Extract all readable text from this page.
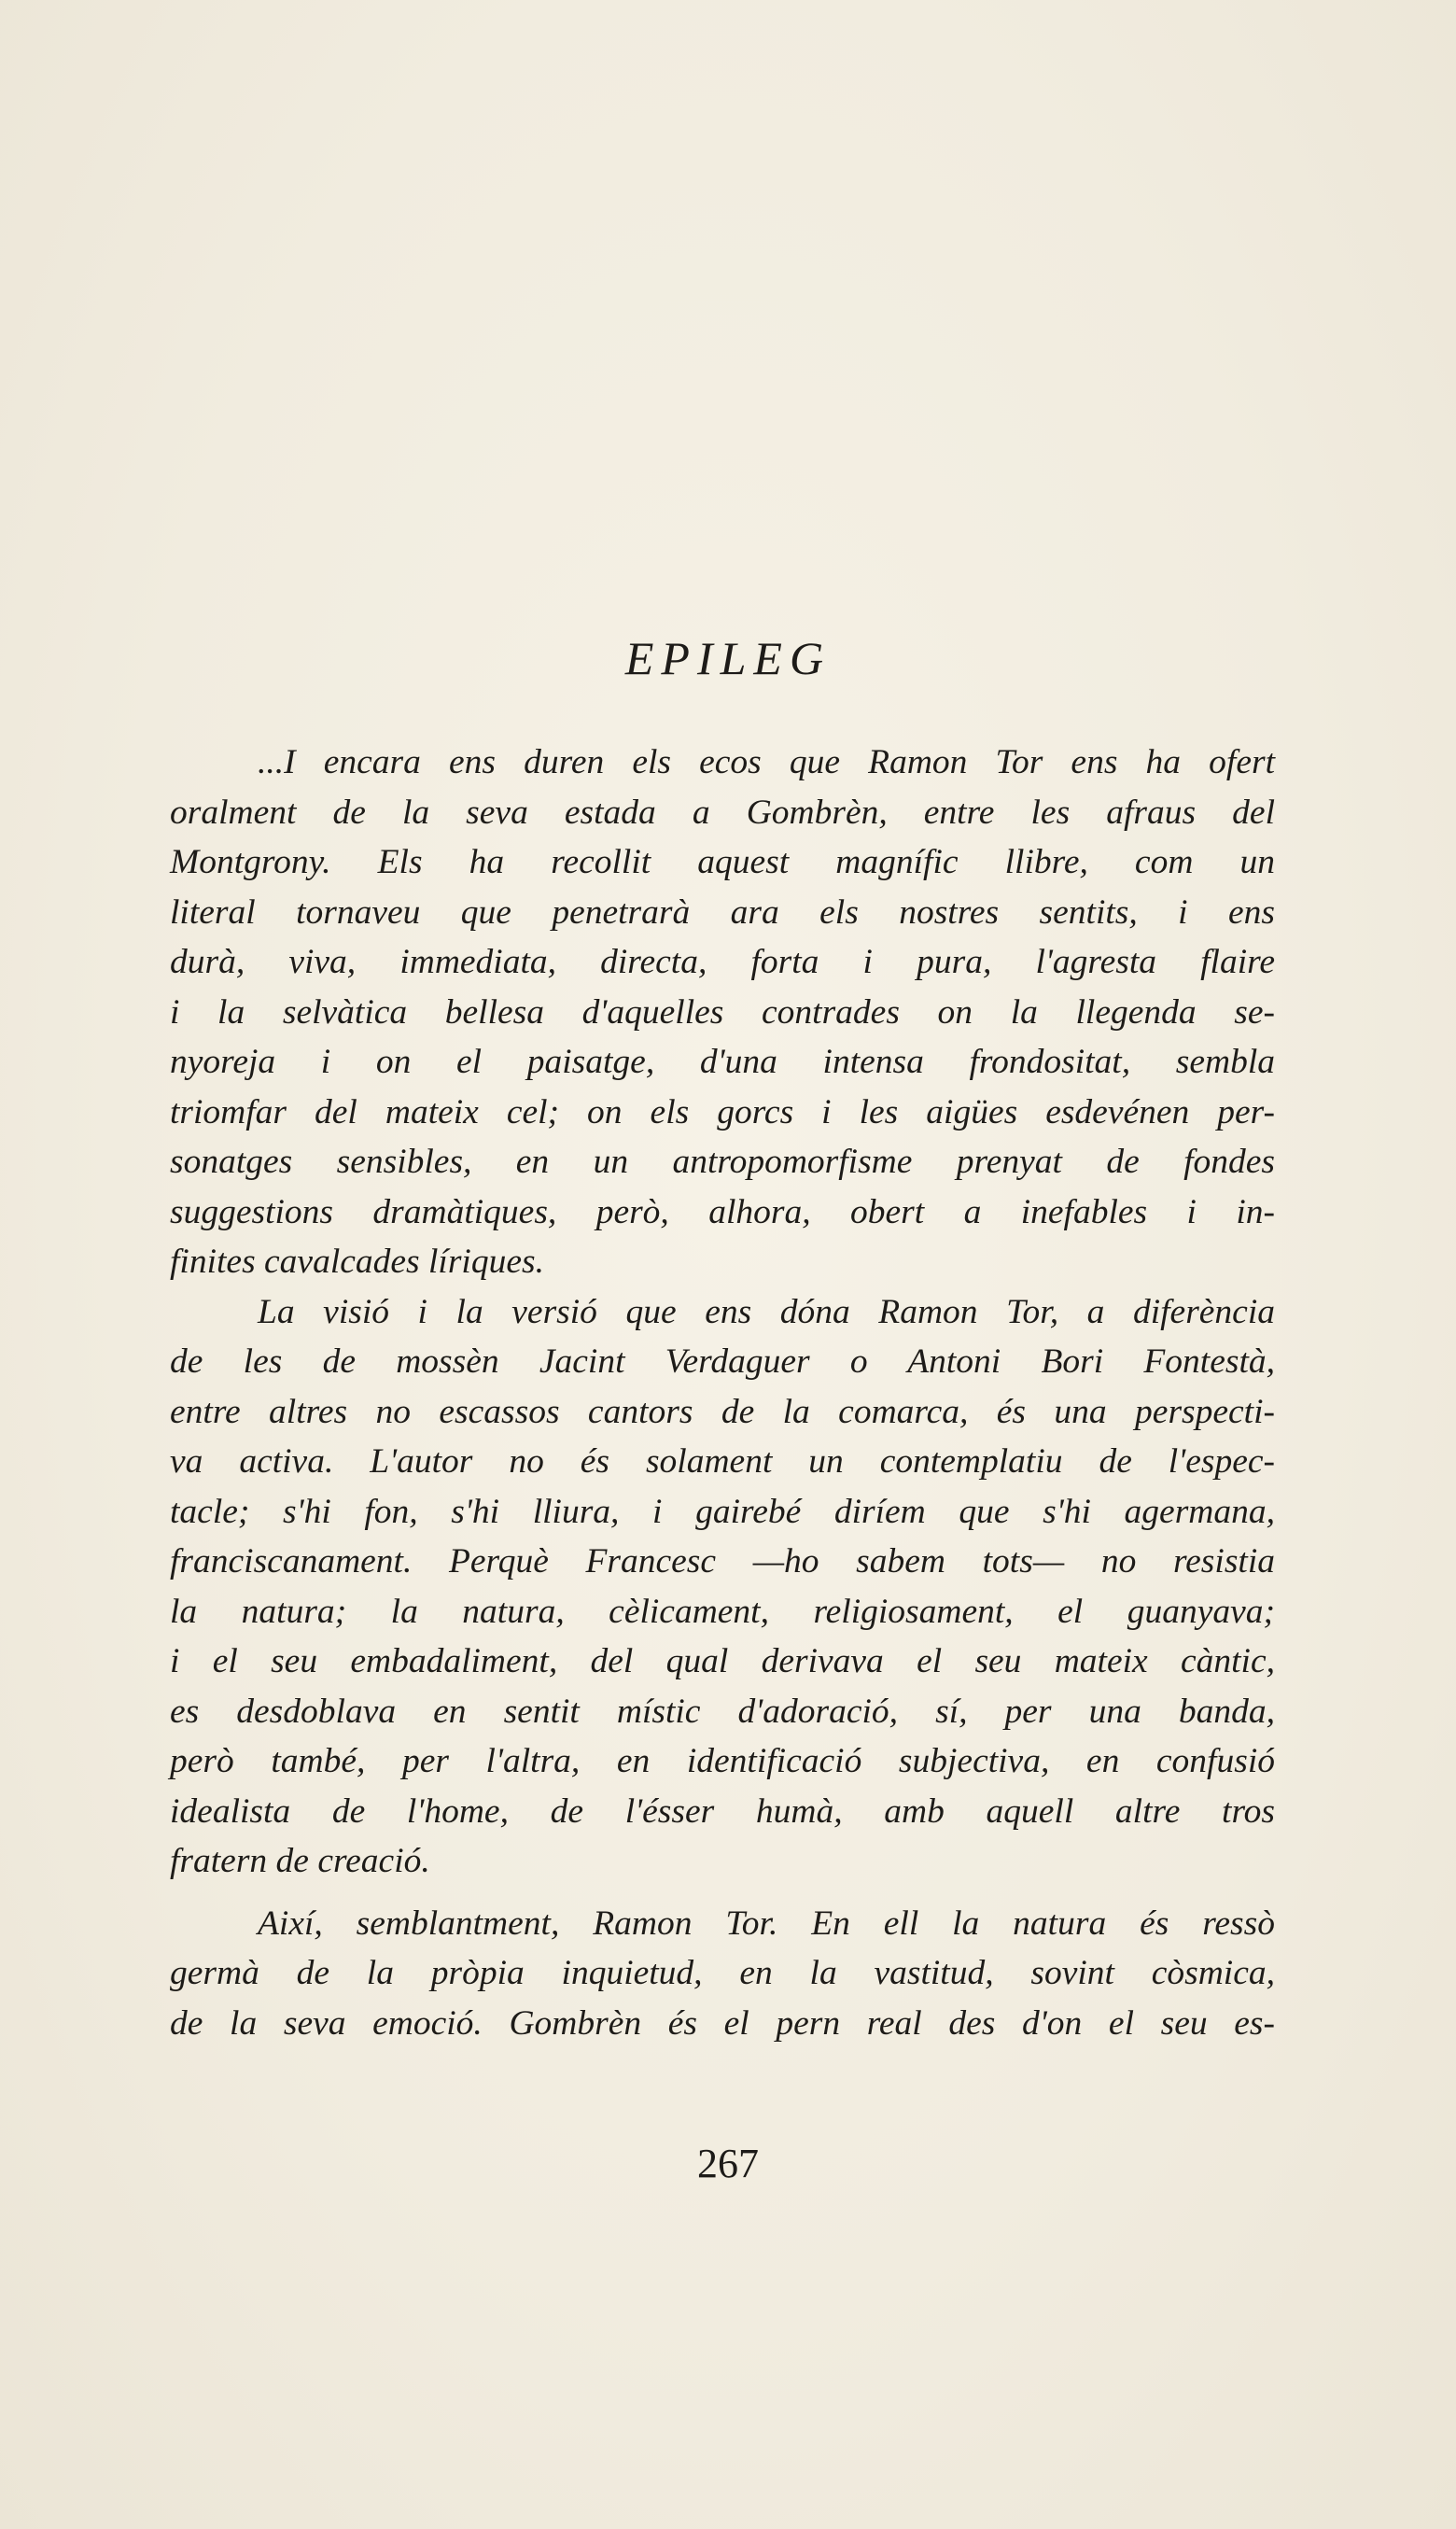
EPILEG
...I encara ens duren els ecos que Ramon Tor ens ha ofert
oralment de la seva estada a Gombrèn, entre les afraus del
Montgrony. Els ha recollit aquest magnífic llibre, com un
literal tornaveu que penetrarà ara els nostres sentits, i ens
durà, viva, immediata, directa, forta i pura, l'agresta flaire
i la selvàtica bellesa d'aquelles contrades on la llegenda se-
nyoreja i on el paisatge, d'una intensa frondositat, sembla
triomfar del mateix cel; on els gorcs i les aigües esdevénen per-
sonatges sensibles, en un antropomorfisme prenyat de fondes
suggestions dramàtiques, però, alhora, obert a inefables i in-
finites cavalcades líriques.
La visió i la versió que ens dóna Ramon Tor, a diferència
de les de mossèn Jacint Verdaguer o Antoni Bori Fontestà,
entre altres no escassos cantors de la comarca, és una perspecti-
va activa. L'autor no és solament un contemplatiu de l'espec-
tacle; s'hi fon, s'hi lliura, i gairebé diríem que s'hi agermana,
franciscanament. Perquè Francesc —ho sabem tots— no resistia
la natura; la natura, cèlicament, religiosament, el guanyava;
i el seu embadaliment, del qual derivava el seu mateix càntic,
es desdoblava en sentit místic d'adoració, sí, per una banda,
però també, per l'altra, en identificació subjectiva, en confusió
idealista de l'home, de l'ésser humà, amb aquell altre tros
fratern de creació.
Així, semblantment, Ramon Tor. En ell la natura és ressò
germà de la pròpia inquietud, en la vastitud, sovint còsmica,
de la seva emoció. Gombrèn és el pern real des d'on el seu es-
267
